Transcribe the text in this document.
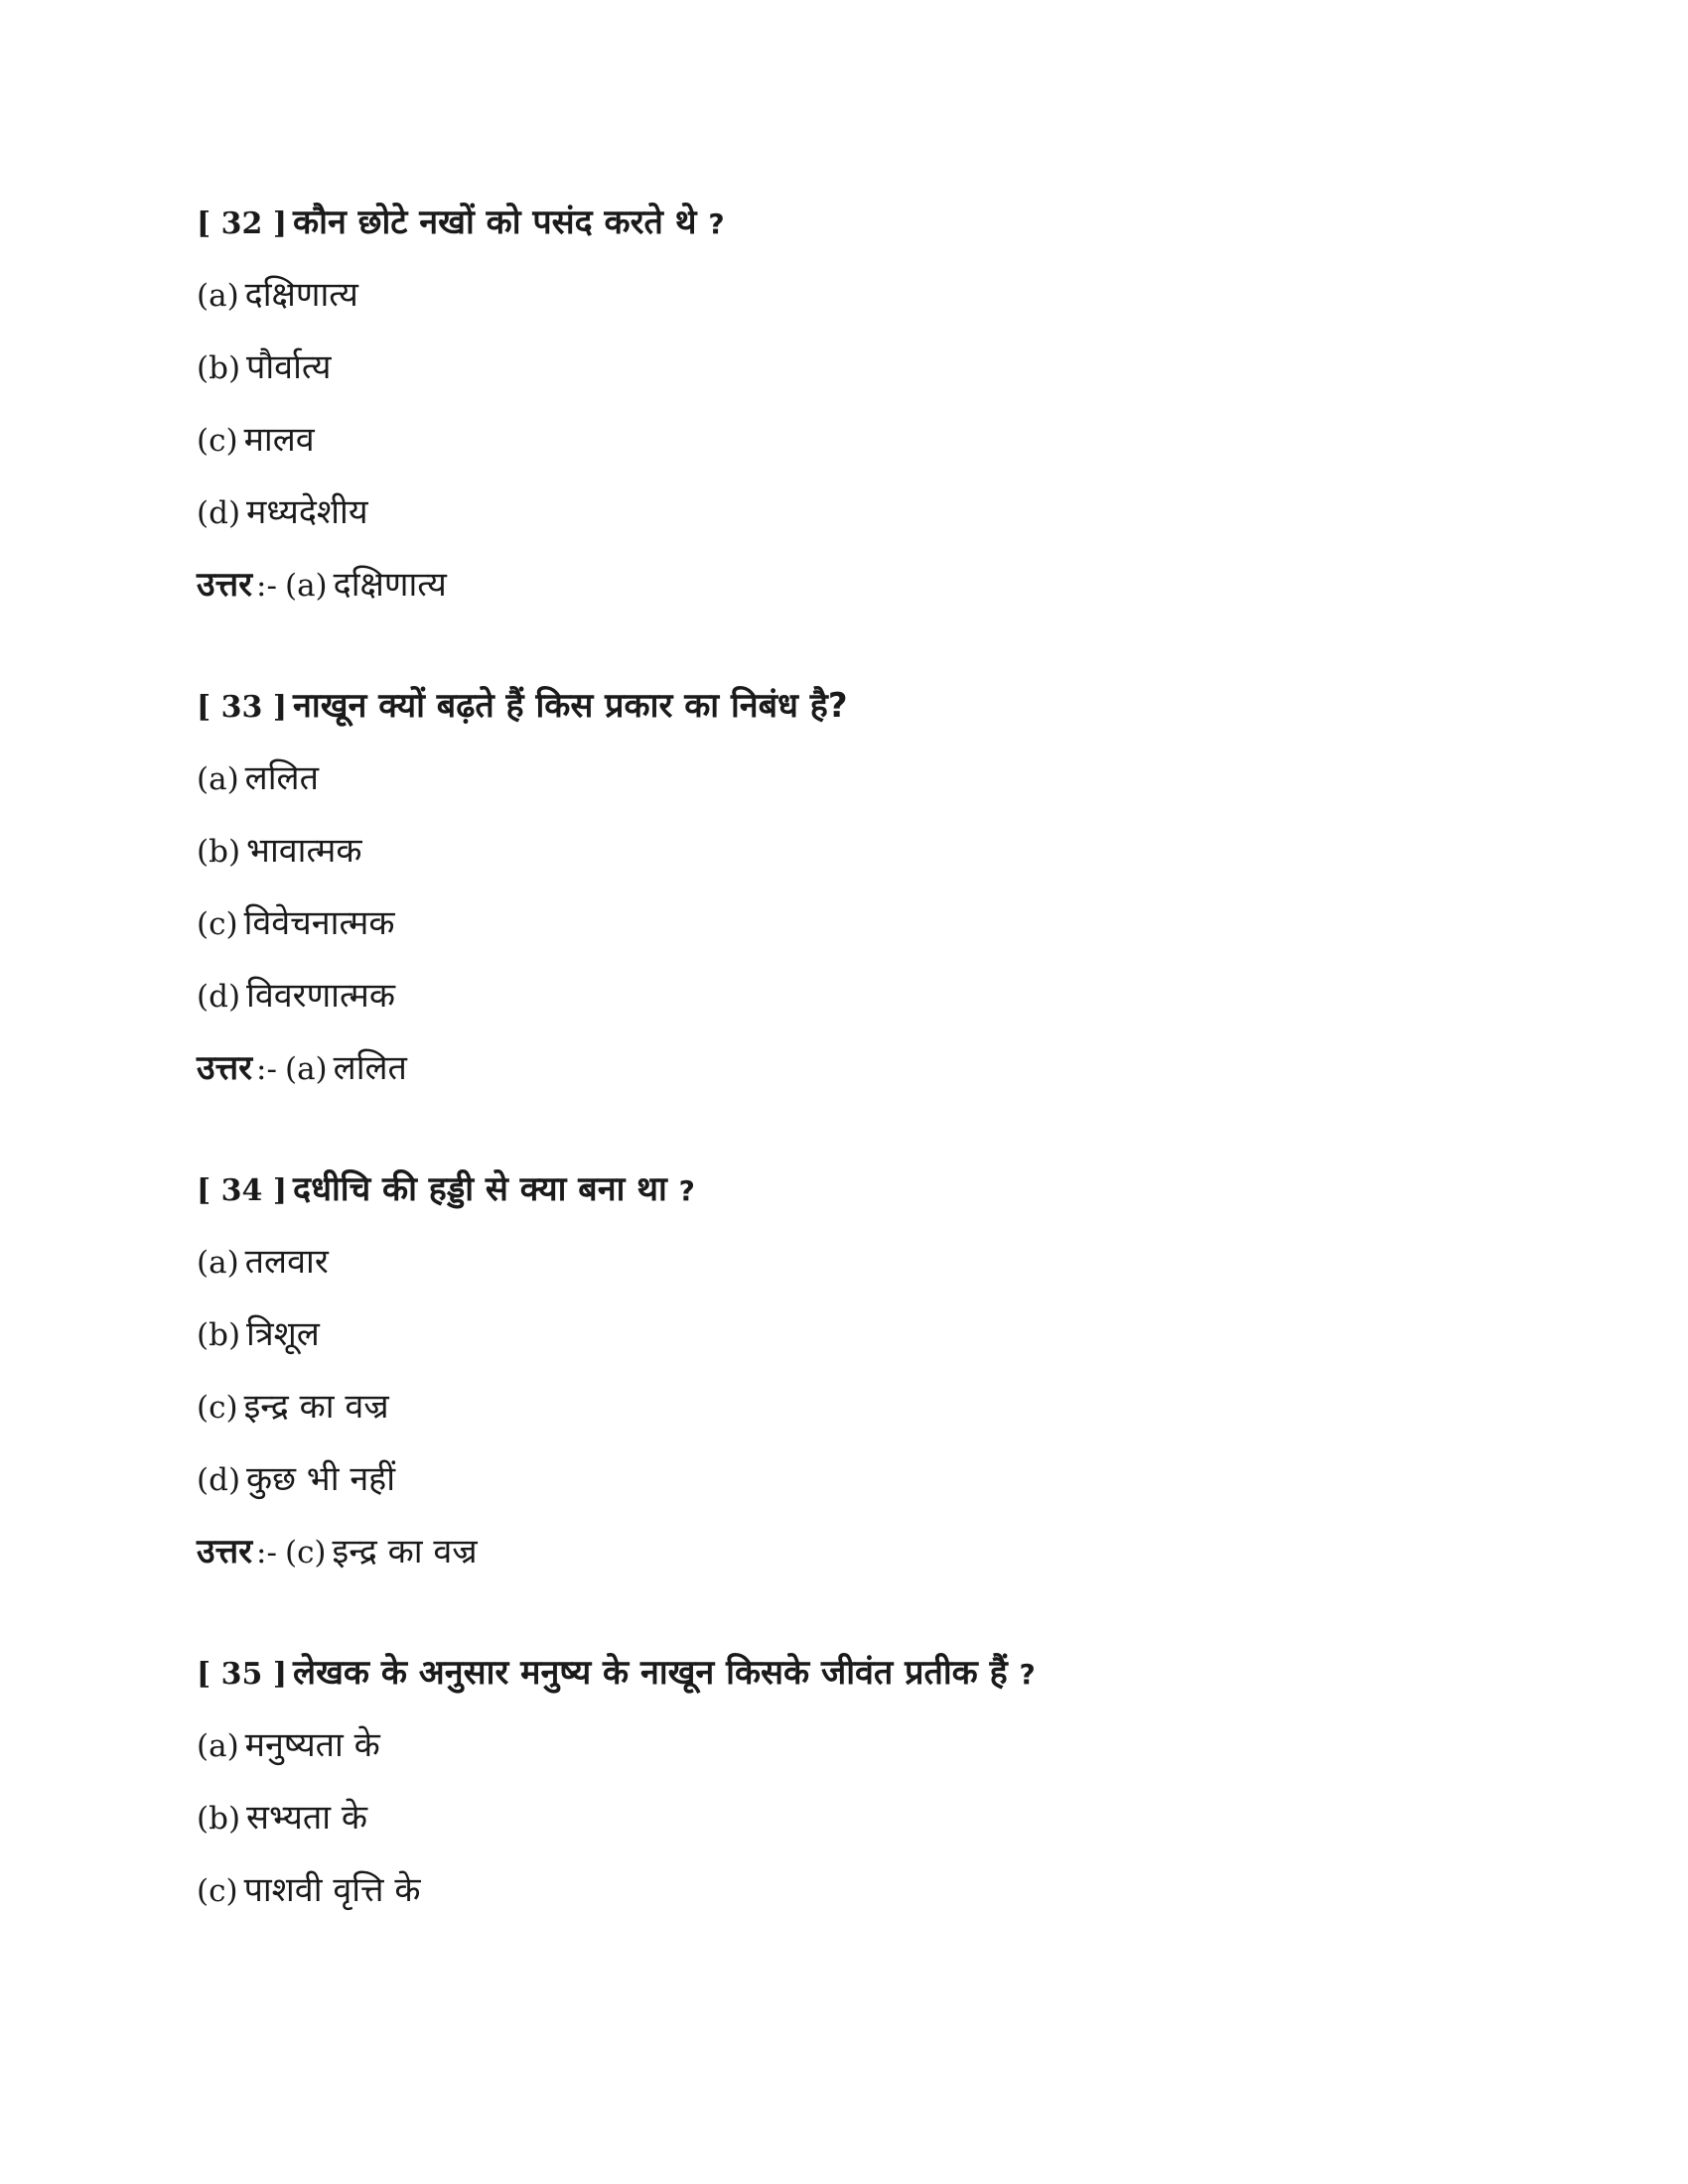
[ 32 ] कौन छोटे नखों को पसंद करते थे ?
(a) दक्षिणात्य
(b) पौर्वात्य
(c) मालव
(d) मध्यदेशीय
उत्तर :- (a) दक्षिणात्य
[ 33 ] नाखून क्यों बढ़ते हैं किस प्रकार का निबंध है?
(a) ललित
(b) भावात्मक
(c) विवेचनात्मक
(d) विवरणात्मक
उत्तर :- (a) ललित
[ 34 ] दधीचि की हड्डी से क्या बना था ?
(a) तलवार
(b) त्रिशूल
(c) इन्द्र का वज्र
(d) कुछ भी नहीं
उत्तर :- (c) इन्द्र का वज्र
[ 35 ] लेखक के अनुसार मनुष्य के नाखून किसके जीवंत प्रतीक हैं ?
(a) मनुष्यता के
(b) सभ्यता के
(c) पाशवी वृत्ति के
